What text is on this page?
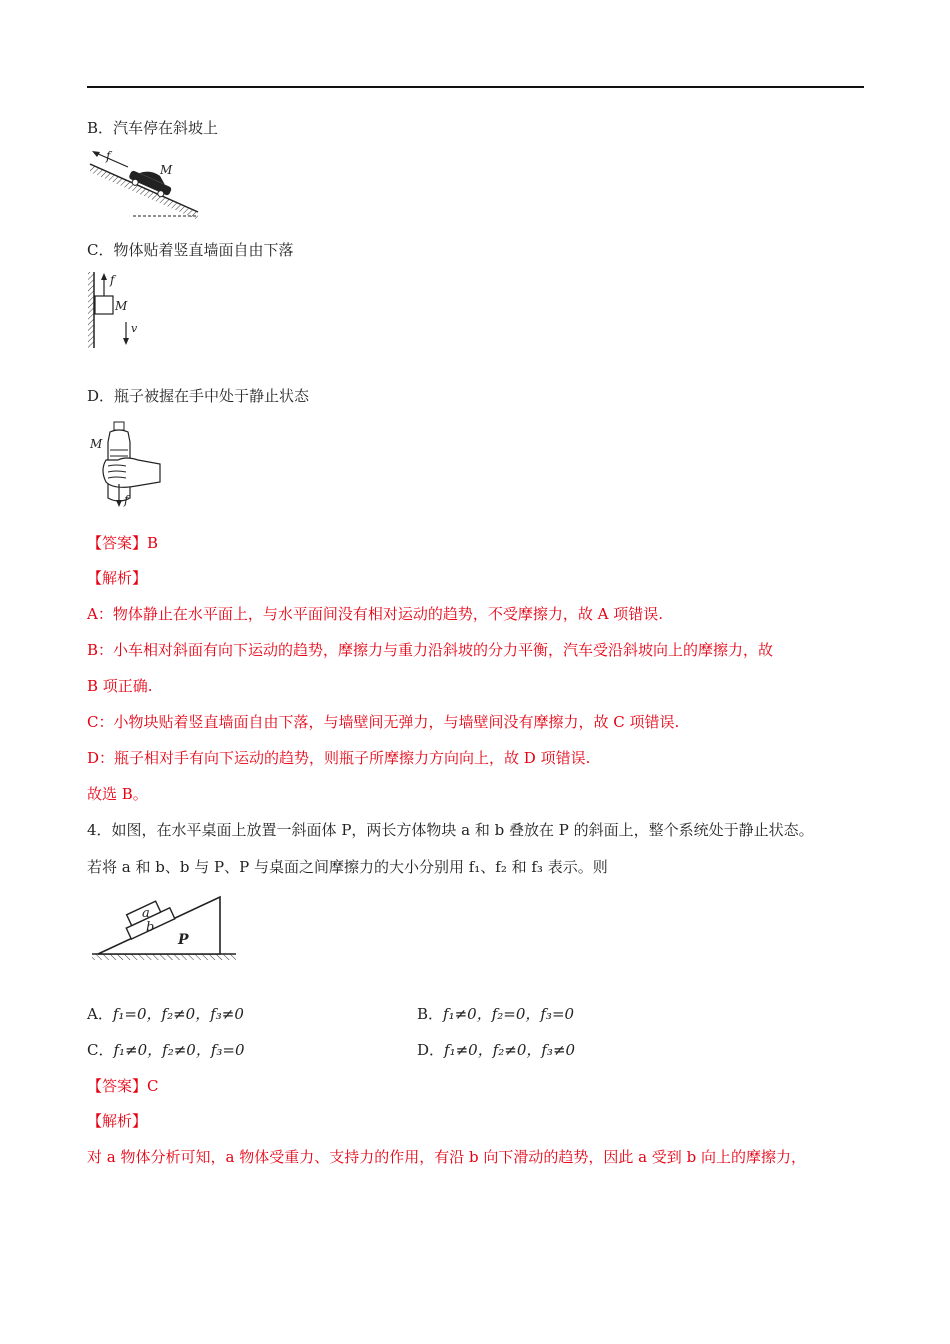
B．汽车停在斜坡上
f
M
C．物体贴着竖直墙面自由下落
f
M
v
D．瓶子被握在手中处于静止状态
f
M
【答案】B
【解析】
A：物体静止在水平面上，与水平面间没有相对运动的趋势，不受摩擦力，故 A 项错误.
B：小车相对斜面有向下运动的趋势，摩擦力与重力沿斜坡的分力平衡，汽车受沿斜坡向上的摩擦力，故
B 项正确.
C：小物块贴着竖直墙面自由下落，与墙壁间无弹力，与墙壁间没有摩擦力，故 C 项错误.
D：瓶子相对手有向下运动的趋势，则瓶子所摩擦力方向向上，故 D 项错误.
故选 B。
4．如图，在水平桌面上放置一斜面体 P，两长方体物块 a 和 b 叠放在 P 的斜面上，整个系统处于静止状态。
若将 a 和 b、b 与 P、P 与桌面之间摩擦力的大小分别用 f₁、f₂ 和 f₃ 表示。则
a
b
P
A．f₁=0，f₂≠0，f₃≠0	B．f₁≠0，f₂=0，f₃=0
C．f₁≠0，f₂≠0，f₃=0	D．f₁≠0，f₂≠0，f₃≠0
【答案】C
【解析】
对 a 物体分析可知，a 物体受重力、支持力的作用，有沿 b 向下滑动的趋势，因此 a 受到 b 向上的摩擦力，
